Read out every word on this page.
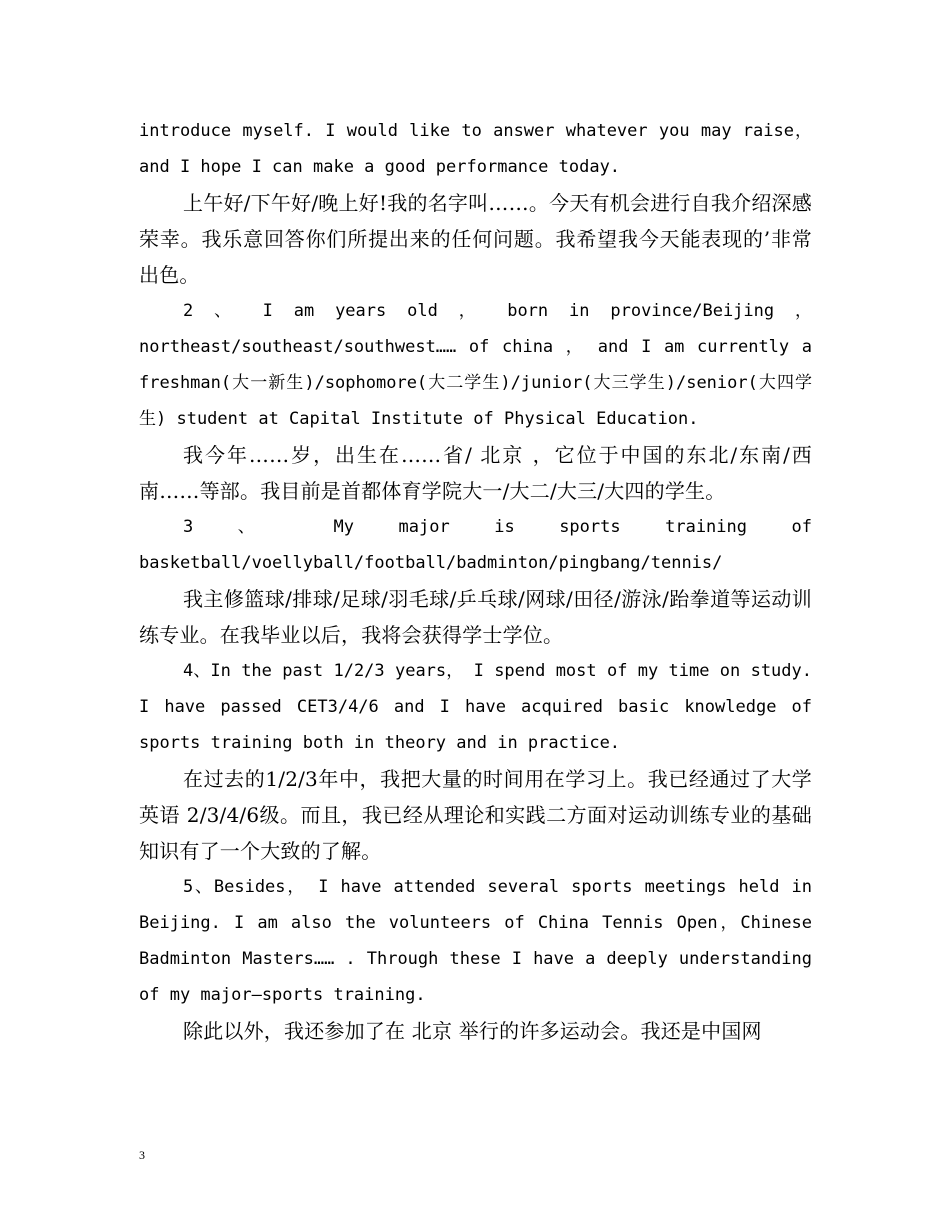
introduce myself. I would like to answer whatever you may raise， and I hope I can make a good performance today.

上午好/下午好/晚上好!我的名字叫……。今天有机会进行自我介绍深感荣幸。我乐意回答你们所提出来的任何问题。我希望我今天能表现的’非常出色。

2 、 I am years old ， born in province/Beijing ， northeast/southeast/southwest…… of china ， and I am currently a freshman(大一新生)/sophomore(大二学生)/junior(大三学生)/senior(大四学生) student at Capital Institute of Physical Education.

我今年……岁，出生在……省/ 北京 ，它位于中国的东北/东南/西南……等部。我目前是首都体育学院大一/大二/大三/大四的学生。

3 、 My major is sports training of basketball/voellyball/football/badminton/pingbang/tennis/

我主修篮球/排球/足球/羽毛球/乒乓球/网球/田径/游泳/跆拳道等运动训练专业。在我毕业以后，我将会获得学士学位。

4、In the past 1/2/3 years， I spend most of my time on study. I have passed CET3/4/6 and I have acquired basic knowledge of sports training both in theory and in practice.

在过去的1/2/3年中，我把大量的时间用在学习上。我已经通过了大学 英语 2/3/4/6级。而且，我已经从理论和实践二方面对运动训练专业的基础知识有了一个大致的了解。

5、Besides， I have attended several sports meetings held in Beijing. I am also the volunteers of China Tennis Open，Chinese Badminton Masters…… . Through these I have a deeply understanding of my major—sports training.

除此以外，我还参加了在 北京 举行的许多运动会。我还是中国网

3
